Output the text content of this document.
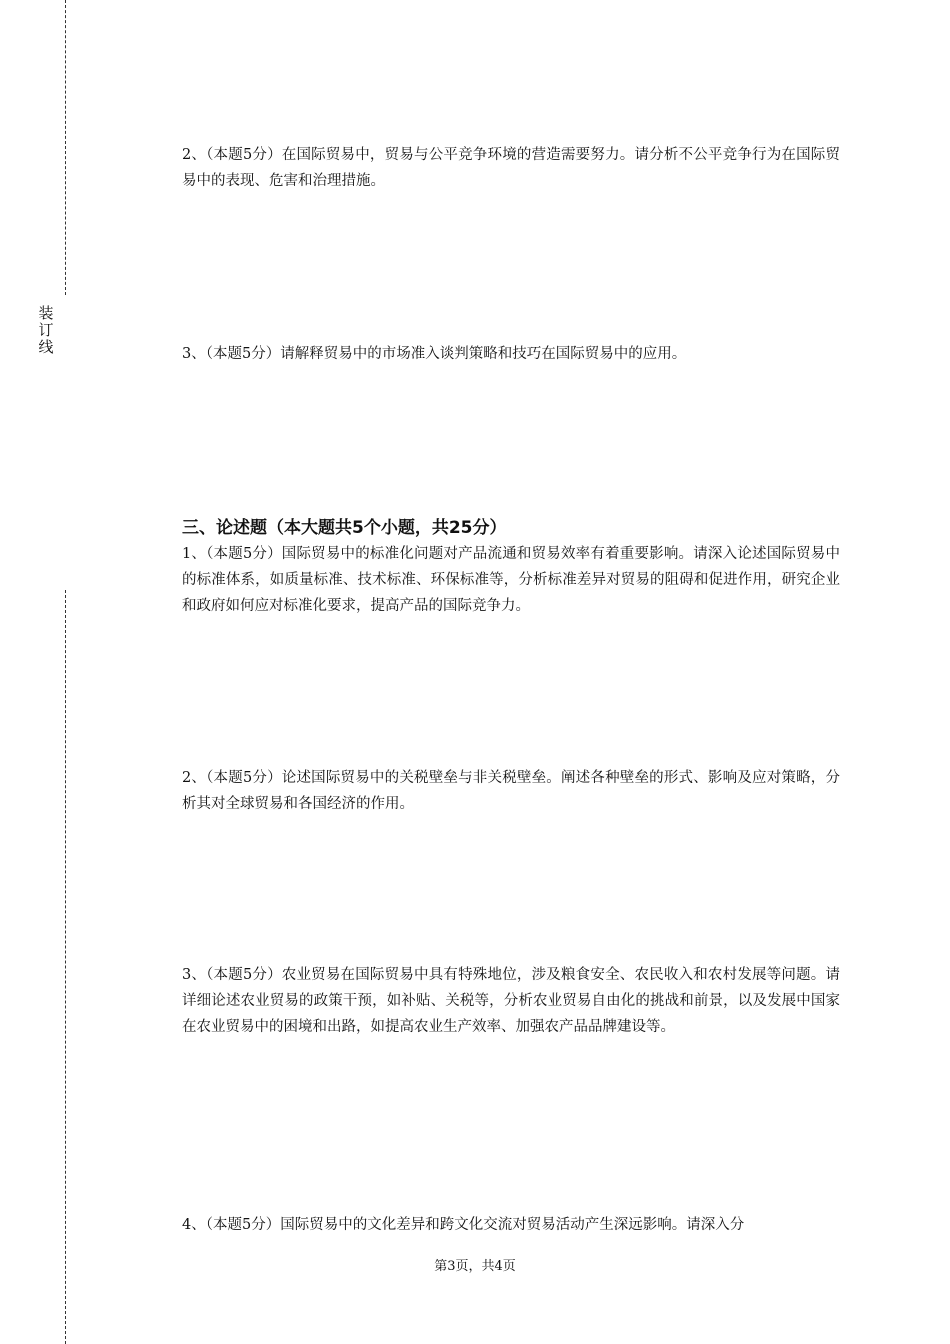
装
订
线

2、（本题5分）在国际贸易中，贸易与公平竞争环境的营造需要努力。请分析不公平竞争行为在国际贸易中的表现、危害和治理措施。

3、（本题5分）请解释贸易中的市场准入谈判策略和技巧在国际贸易中的应用。

三、论述题（本大题共5个小题，共25分）

1、（本题5分）国际贸易中的标准化问题对产品流通和贸易效率有着重要影响。请深入论述国际贸易中的标准体系，如质量标准、技术标准、环保标准等，分析标准差异对贸易的阻碍和促进作用，研究企业和政府如何应对标准化要求，提高产品的国际竞争力。

2、（本题5分）论述国际贸易中的关税壁垒与非关税壁垒。阐述各种壁垒的形式、影响及应对策略，分析其对全球贸易和各国经济的作用。

3、（本题5分）农业贸易在国际贸易中具有特殊地位，涉及粮食安全、农民收入和农村发展等问题。请详细论述农业贸易的政策干预，如补贴、关税等，分析农业贸易自由化的挑战和前景，以及发展中国家在农业贸易中的困境和出路，如提高农业生产效率、加强农产品品牌建设等。

4、（本题5分）国际贸易中的文化差异和跨文化交流对贸易活动产生深远影响。请深入分

第3页，共4页
